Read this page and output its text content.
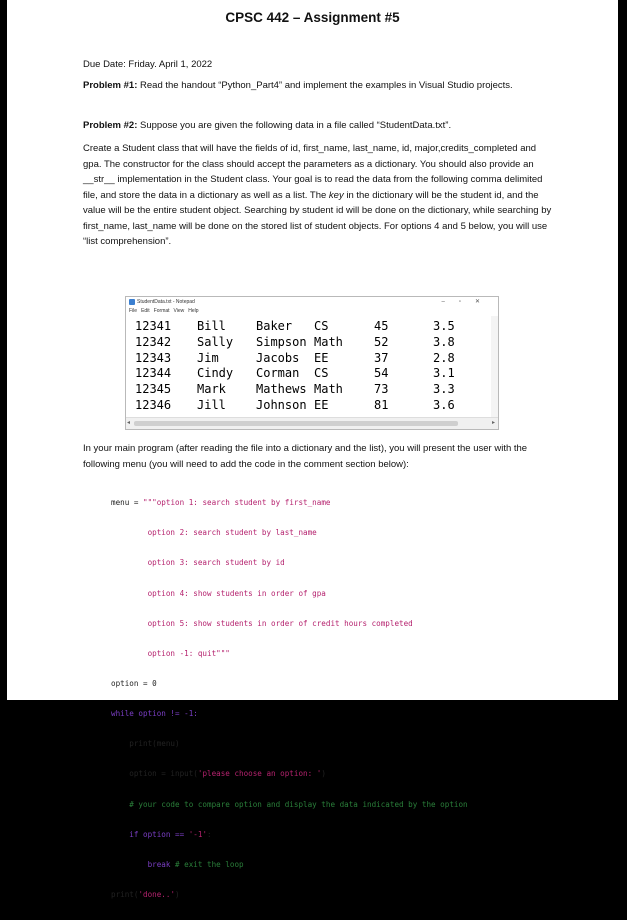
CPSC 442 – Assignment #5
Due Date: Friday. April 1, 2022
Problem #1: Read the handout “Python_Part4” and implement the examples in Visual Studio projects.
Problem #2: Suppose you are given the following data in a file called “StudentData.txt”.
Create a Student class that will have the fields of id, first_name, last_name, id, major,credits_completed and gpa. The constructor for the class should accept the parameters as a dictionary. You should also provide an __str__ implementation in the Student class. Your goal is to read the data from the following comma delimited file, and store the data in a dictionary as well as a list. The key in the dictionary will be the student id, and the value will be the entire student object. Searching by student id will be done on the dictionary, while searching by first_name, last_name will be done on the stored list of student objects. For options 4 and 5 below, you will use “list comprehension”.
StudentData.txt - Notepad	–▫✕
File Edit Format View Help
12341 Bill	Baker CS	45	3.5
12342 Sally Simpson Math	52	3.8
12343 Jim	Jacobs EE	37	2.8
12344 Cindy Corman CS	54	3.1
12345 Mark	Mathews Math	73	3.3
12346 Jill	Johnson EE	81	3.6
◂	▸
In your main program (after reading the file into a dictionary and the list), you will present the user with the following menu (you will need to add the code in the comment section below):

menu = """option 1: search student by first_name

option 2: search student by last_name

option 3: search student by id

option 4: show students in order of gpa

option 5: show students in order of credit hours completed

option -1: quit"""

option = 0

while option != -1:

print(menu)

option = input('please choose an option: ')

# your code to compare option and display the data indicated by the option

if option == '-1':

break # exit the loop

print('done..')
